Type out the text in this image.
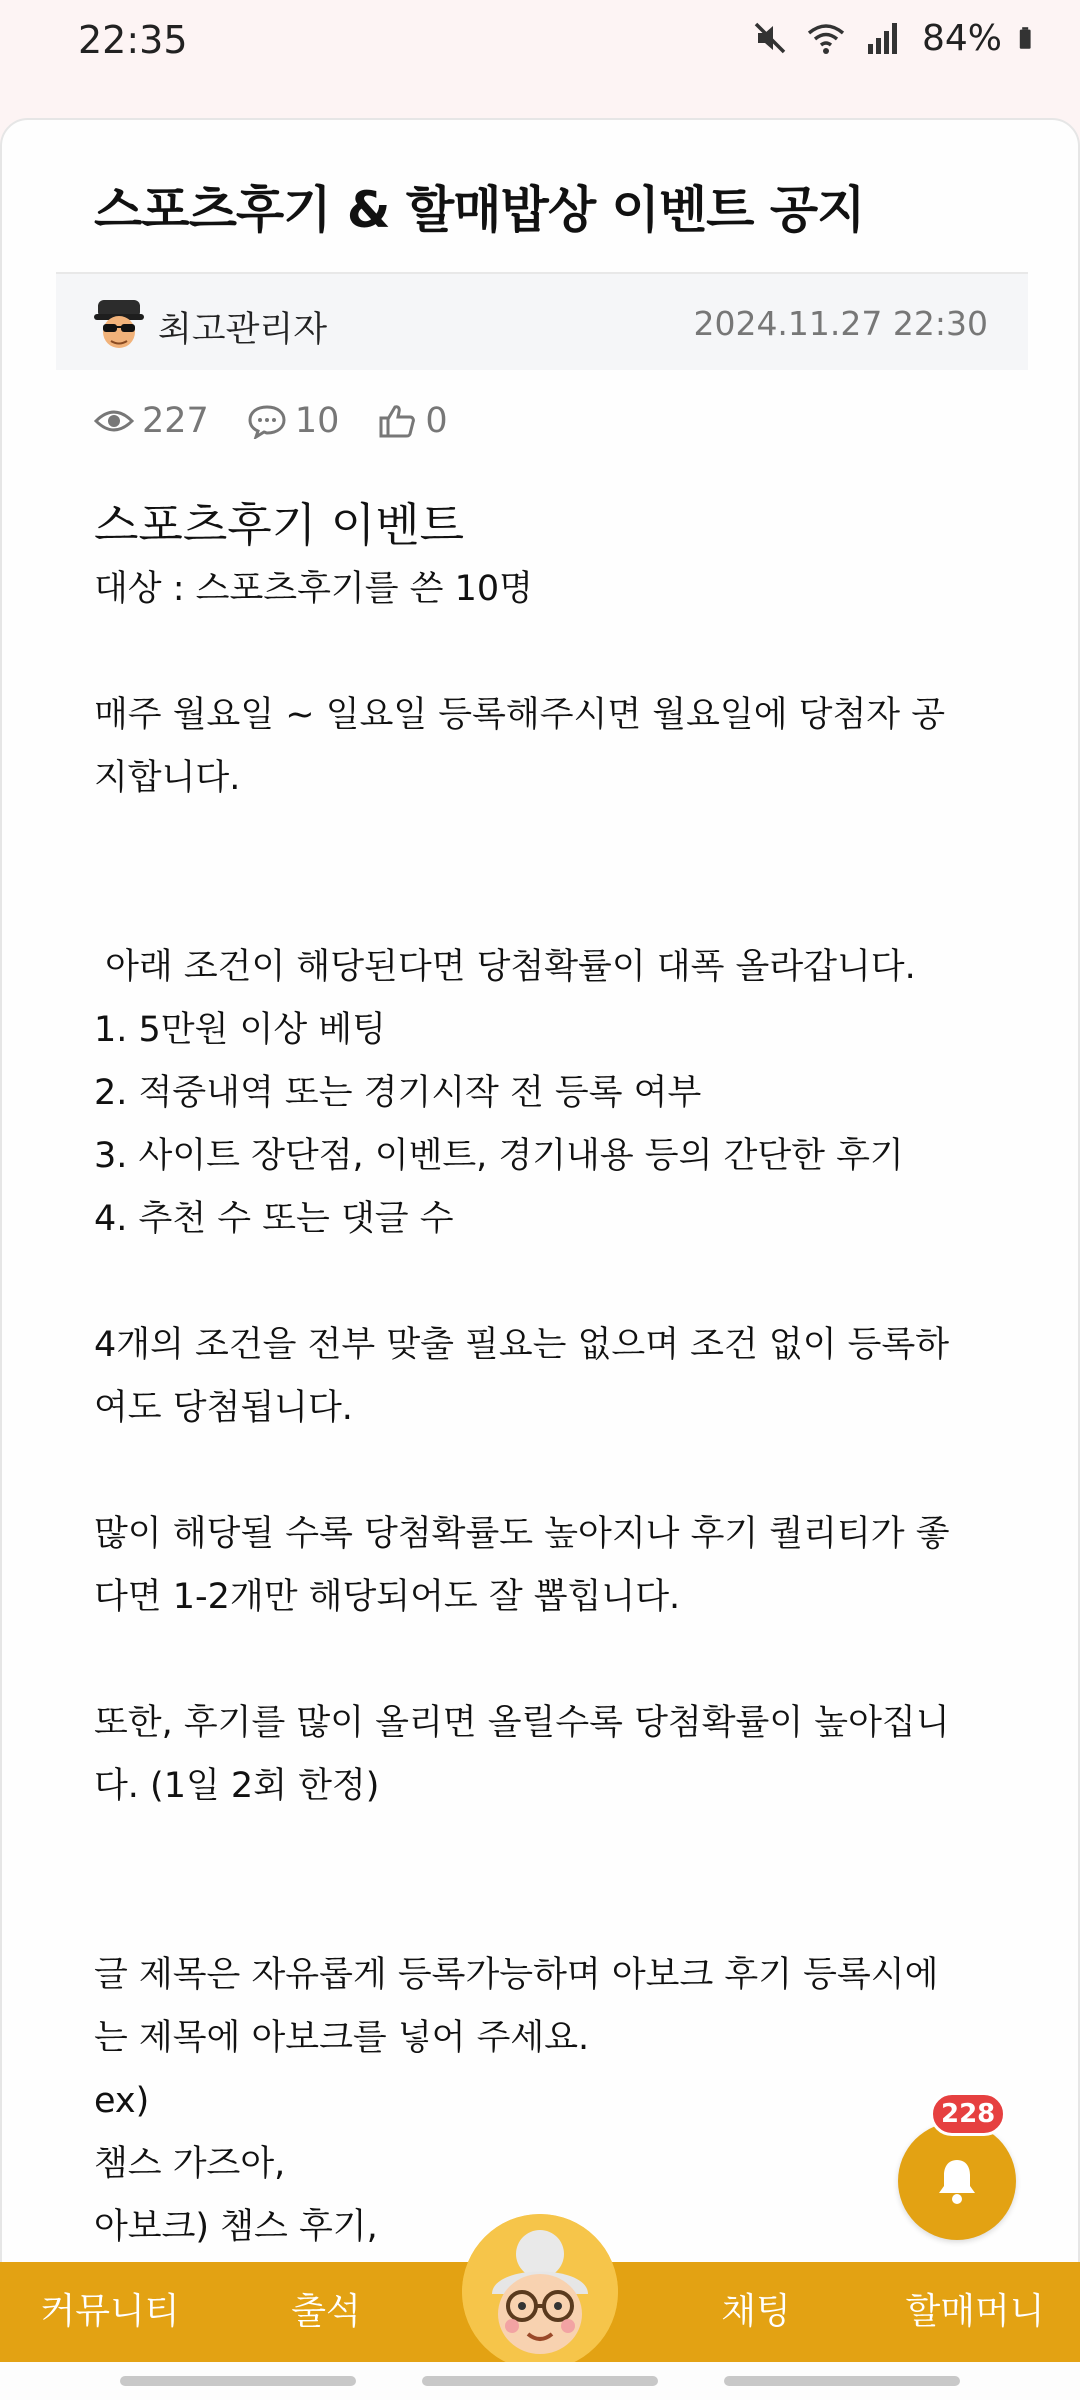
22:35	84%
스포츠후기 & 할매밥상 이벤트 공지
최고관리자	2024.11.27 22:30
227 10 0
스포츠후기 이벤트
대상 : 스포츠후기를 쓴 10명
매주 월요일 ~ 일요일 등록해주시면 월요일에 당첨자 공
지합니다.
아래 조건이 해당된다면 당첨확률이 대폭 올라갑니다.
1. 5만원 이상 베팅
2. 적중내역 또는 경기시작 전 등록 여부
3. 사이트 장단점, 이벤트, 경기내용 등의 간단한 후기
4. 추천 수 또는 댓글 수
4개의 조건을 전부 맞출 필요는 없으며 조건 없이 등록하
여도 당첨됩니다.
많이 해당될 수록 당첨확률도 높아지나 후기 퀄리티가 좋
다면 1-2개만 해당되어도 잘 뽑힙니다.
또한, 후기를 많이 올리면 올릴수록 당첨확률이 높아집니
다. (1일 2회 한정)
글 제목은 자유롭게 등록가능하며 아보크 후기 등록시에
는 제목에 아보크를 넣어 주세요.
ex)
챔스 가즈아,
아보크) 챔스 후기,
228
커뮤니티	출석	채팅	할매머니
